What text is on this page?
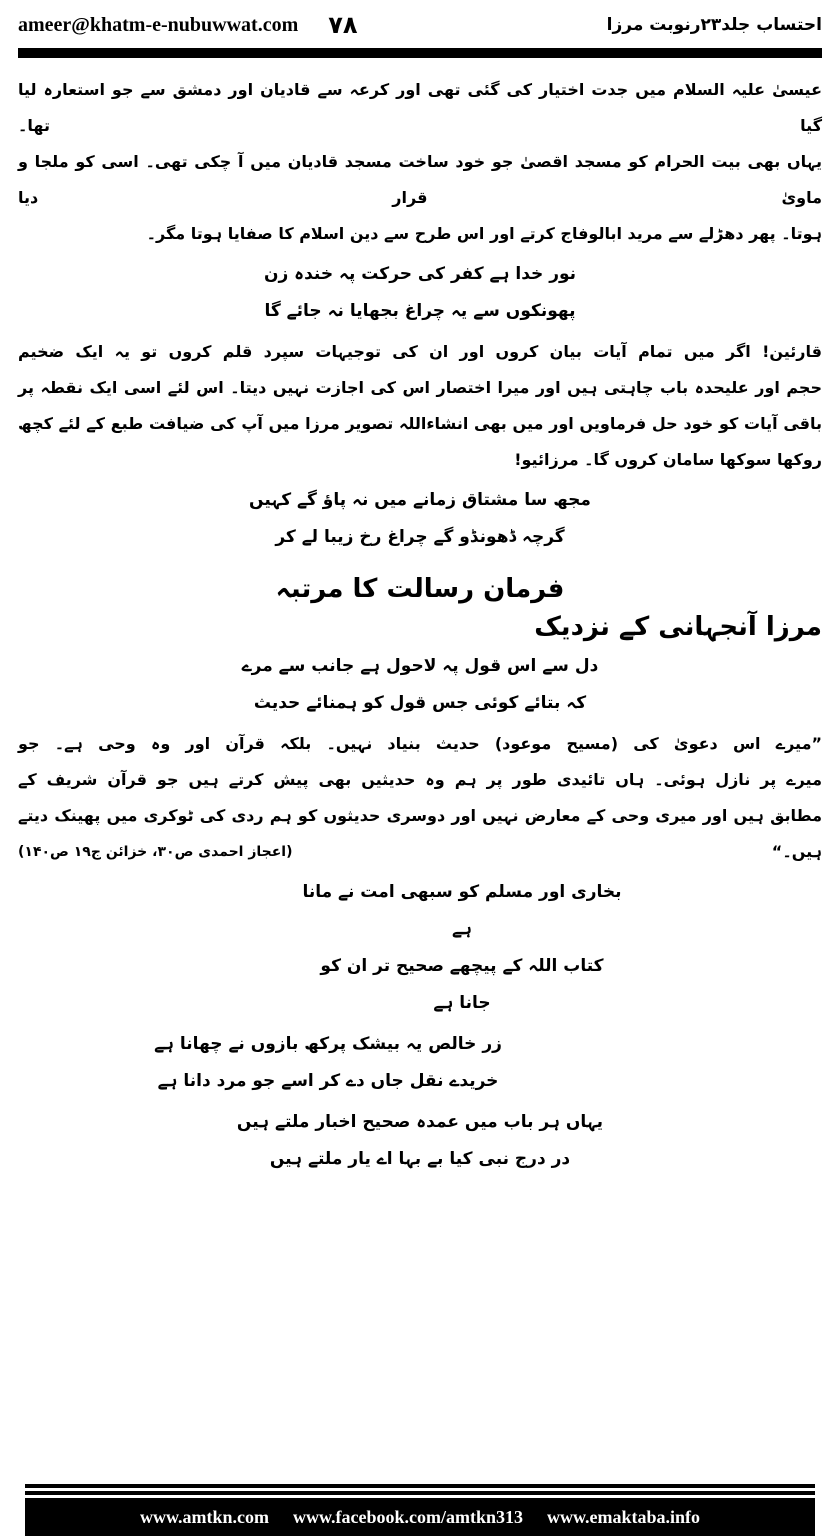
ameer@khatm-e-nubuwwat.com ۷۸	احتساب جلد۲۳رنوبت مرزا
عیسیٰ علیہ السلام میں جدت اختیار کی گئی تھی اور کرعہ سے قادیان اور دمشق سے جو استعارہ لیا گیا تھا۔
یہاں بھی بیت الحرام کو مسجد اقصیٰ جو خود ساخت مسجد قادیان میں آ چکی تھی۔ اسی کو ملجا و ماویٰ قرار دیا
ہوتا۔ پھر دھڑلے سے مرید ابالوفاج کرتے اور اس طرح سے دین اسلام کا صفایا ہوتا مگر۔
نور خدا ہے کفر کی حرکت پہ خندہ زن
پھونکوں سے یہ چراغ بجھایا نہ جائے گا
قارئین! اگر میں تمام آیات بیان کروں اور ان کی توجیہات سپرد قلم کروں تو یہ ایک ضخیم
حجم اور علیحدہ باب چاہتی ہیں اور میرا اختصار اس کی اجازت نہیں دیتا۔ اس لئے اسی ایک نقطہ پر
باقی آیات کو خود حل فرماویں اور میں بھی انشاءاللہ تصویر مرزا میں آپ کی ضیافت طبع کے لئے کچھ
روکھا سوکھا سامان کروں گا۔ مرزائیو!
مجھ سا مشتاق زمانے میں نہ پاؤ گے کہیں
گرچہ ڈھونڈو گے چراغ رخ زیبا لے کر
فرمان رسالت کا مرتبہ
مرزا آنجہانی کے نزدیک
دل سے اس قول پہ لاحول ہے جانب سے مرے
کہ بتائے کوئی جس قول کو ہمنائے حدیث
”میرے اس دعویٰ کی (مسیح موعود) حدیث بنیاد نہیں۔ بلکہ قرآن اور وہ وحی ہے۔ جو
میرے پر نازل ہوئی۔ ہاں تائیدی طور پر ہم وہ حدیثیں بھی پیش کرتے ہیں جو قرآن شریف کے
مطابق ہیں اور میری وحی کے معارض نہیں اور دوسری حدیثوں کو ہم ردی کی ٹوکری میں پھینک دیتے
(اعجاز احمدی ص۳۰، خزائن ج۱۹ ص۱۴۰)	ہیں۔“
بخاری اور مسلم کو سبھی امت نے مانا ہے
کتاب اللہ کے پیچھے صحیح تر ان کو جانا ہے
زر خالص یہ بیشک پرکھ بازوں نے چھانا ہے
خریدے نقل جاں دے کر اسے جو مرد دانا ہے
یہاں ہر باب میں عمدہ صحیح اخبار ملتے ہیں
در درج نبی کیا بے بہا اے یار ملتے ہیں
www.amtkn.com www.facebook.com/amtkn313 www.emaktaba.info
